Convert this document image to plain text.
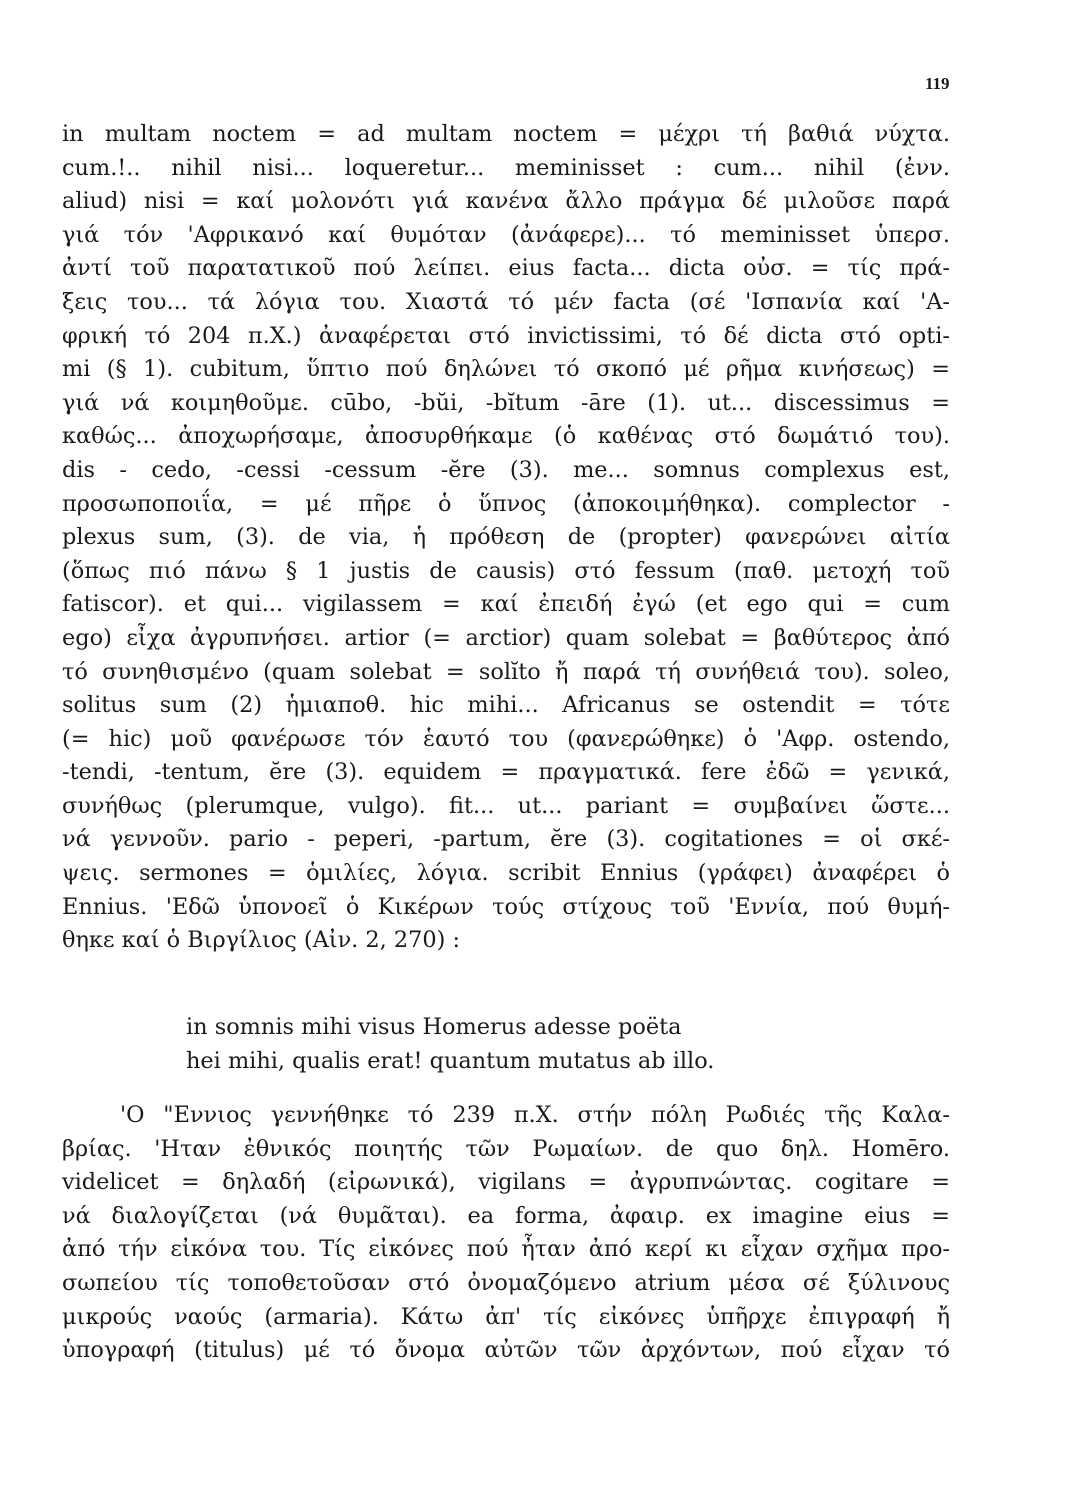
119
in multam noctem = ad multam noctem = μέχρι τή βαθιά νύχτα.
cum.!.. nihil nisi... loqueretur... meminisset : cum... nihil (ἐνν.
aliud) nisi = καί μολονότι γιά κανένα ἄλλο πράγμα δέ μιλοῦσε παρά
γιά τόν 'Αφρικανό καί θυμόταν (ἀνάφερε)... τό meminisset ὑπερσ.
ἀντί τοῦ παρατατικοῦ πού λείπει. eius facta... dicta οὐσ. = τίς πρά-
ξεις του... τά λόγια του. Χιαστά τό μέν facta (σέ 'Ισπανία καί 'Α-
φρική τό 204 π.Χ.) ἀναφέρεται στό invictissimi, τό δέ dicta στό opti-
mi (§ 1). cubitum, ὕπτιο πού δηλώνει τό σκοπό μέ ρῆμα κινήσεως) =
γιά νά κοιμηθοῦμε. cūbo, -bŭi, -bĭtum -āre (1). ut... discessimus =
καθώς... ἀποχωρήσαμε, ἀποσυρθήκαμε (ὁ καθένας στό δωμάτιό του).
dis - cedo, -cessi -cessum -ĕre (3). me... somnus complexus est,
προσωποποιΐα, = μέ πῆρε ὁ ὕπνος (ἀποκοιμήθηκα). complector -
plexus sum, (3). de via, ἡ πρόθεση de (propter) φανερώνει αἰτία
(ὅπως πιό πάνω § 1 justis de causis) στό fessum (παθ. μετοχή τοῦ
fatiscor). et qui... vigilassem = καί ἐπειδή ἐγώ (et ego qui = cum
ego) εἶχα ἀγρυπνήσει. artior (= arctior) quam solebat = βαθύτερος ἀπό
τό συνηθισμένο (quam solebat = solĭto ἤ παρά τή συνήθειά του). soleo,
solitus sum (2) ἡμιαποθ. hic mihi... Africanus se ostendit = τότε
(= hic) μοῦ φανέρωσε τόν ἑαυτό του (φανερώθηκε) ὁ 'Αφρ. ostendo,
-tendi, -tentum, ĕre (3). equidem = πραγματικά. fere ἐδῶ = γενικά,
συνήθως (plerumque, vulgo). fit... ut... pariant = συμβαίνει ὥστε...
νά γεννοῦν. pario - peperi, -partum, ĕre (3). cogitationes = οἱ σκέ-
ψεις. sermones = ὁμιλίες, λόγια. scribit Ennius (γράφει) ἀναφέρει ὁ
Ennius. 'Εδῶ ὑπονοεῖ ὁ Κικέρων τούς στίχους τοῦ 'Εννία, πού θυμή-
θηκε καί ὁ Βιργίλιος (Αἰν. 2, 270) :
in somnis mihi visus Homerus adesse poëta
hei mihi, qualis erat! quantum mutatus ab illo.
'Ο "Εννιος γεννήθηκε τό 239 π.Χ. στήν πόλη Ρωδιές τῆς Καλα-
βρίας. 'Ηταν ἐθνικός ποιητής τῶν Ρωμαίων. de quo δηλ. Homēro.
videlicet = δηλαδή (εἰρωνικά), vigilans = ἀγρυπνώντας. cogitare =
νά διαλογίζεται (νά θυμᾶται). ea forma, ἀφαιρ. ex imagine eius =
ἀπό τήν εἰκόνα του. Τίς εἰκόνες πού ἦταν ἀπό κερί κι εἶχαν σχῆμα προ-
σωπείου τίς τοποθετοῦσαν στό ὀνομαζόμενο atrium μέσα σέ ξύλινους
μικρούς ναούς (armaria). Κάτω ἀπ' τίς εἰκόνες ὑπῆρχε ἐπιγραφή ἤ
ὑπογραφή (titulus) μέ τό ὄνομα αὐτῶν τῶν ἀρχόντων, πού εἶχαν τό
